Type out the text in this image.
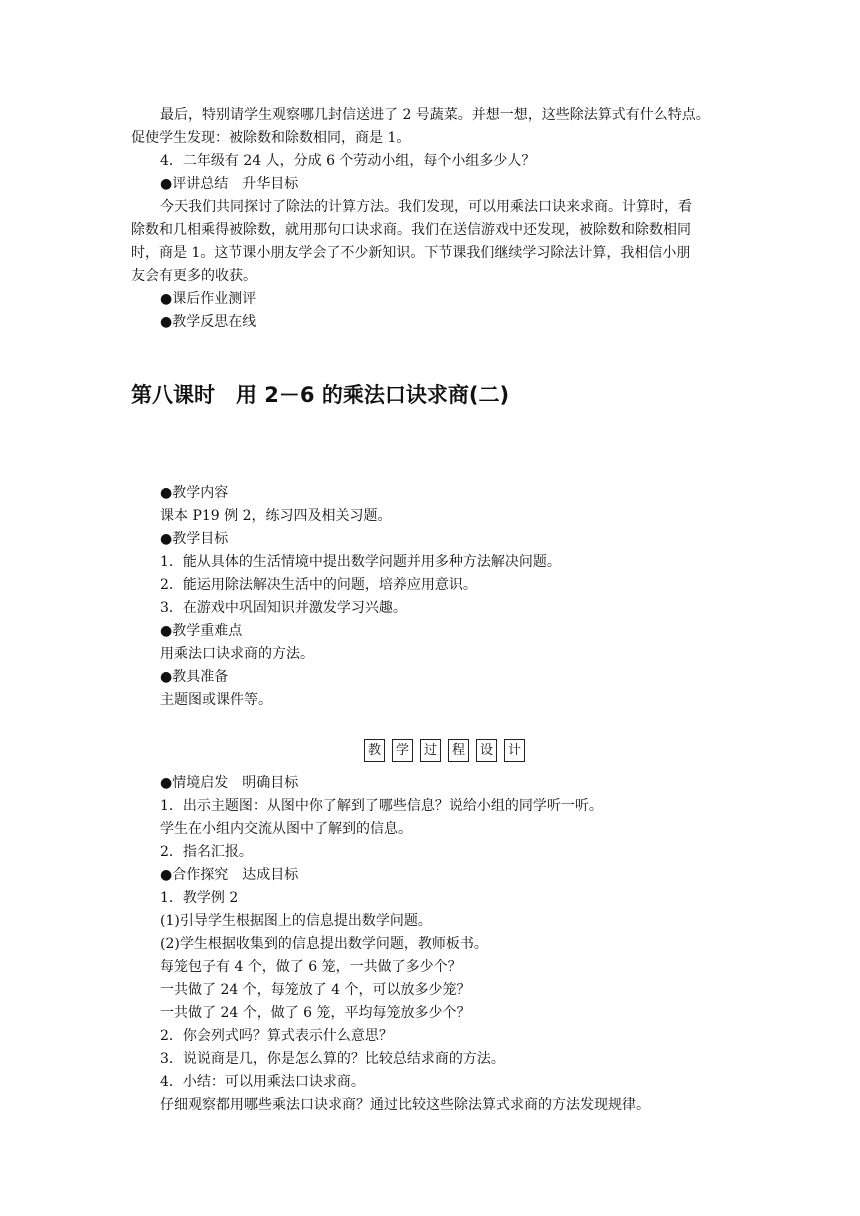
最后，特别请学生观察哪几封信送进了 2 号蔬菜。并想一想，这些除法算式有什么特点。
促使学生发现：被除数和除数相同，商是 1。
4．二年级有 24 人，分成 6 个劳动小组，每个小组多少人？
●评讲总结　升华目标
今天我们共同探讨了除法的计算方法。我们发现，可以用乘法口诀来求商。计算时，看
除数和几相乘得被除数，就用那句口诀求商。我们在送信游戏中还发现，被除数和除数相同
时，商是 1。这节课小朋友学会了不少新知识。下节课我们继续学习除法计算，我相信小朋
友会有更多的收获。
●课后作业测评
●教学反思在线
第八课时　用 2－6 的乘法口诀求商(二)
●教学内容
课本 P19 例 2，练习四及相关习题。
●教学目标
1．能从具体的生活情境中提出数学问题并用多种方法解决问题。
2．能运用除法解决生活中的问题，培养应用意识。
3．在游戏中巩固知识并激发学习兴趣。
●教学重难点
用乘法口诀求商的方法。
●教具准备
主题图或课件等。
教	学	过	程	设	计
●情境启发　明确目标
1．出示主题图：从图中你了解到了哪些信息？说给小组的同学听一听。
学生在小组内交流从图中了解到的信息。
2．指名汇报。
●合作探究　达成目标
1．教学例 2
(1)引导学生根据图上的信息提出数学问题。
(2)学生根据收集到的信息提出数学问题，教师板书。
每笼包子有 4 个，做了 6 笼，一共做了多少个？
一共做了 24 个，每笼放了 4 个，可以放多少笼？
一共做了 24 个，做了 6 笼，平均每笼放多少个？
2．你会列式吗？算式表示什么意思？
3．说说商是几，你是怎么算的？比较总结求商的方法。
4．小结：可以用乘法口诀求商。
仔细观察都用哪些乘法口诀求商？通过比较这些除法算式求商的方法发现规律。
